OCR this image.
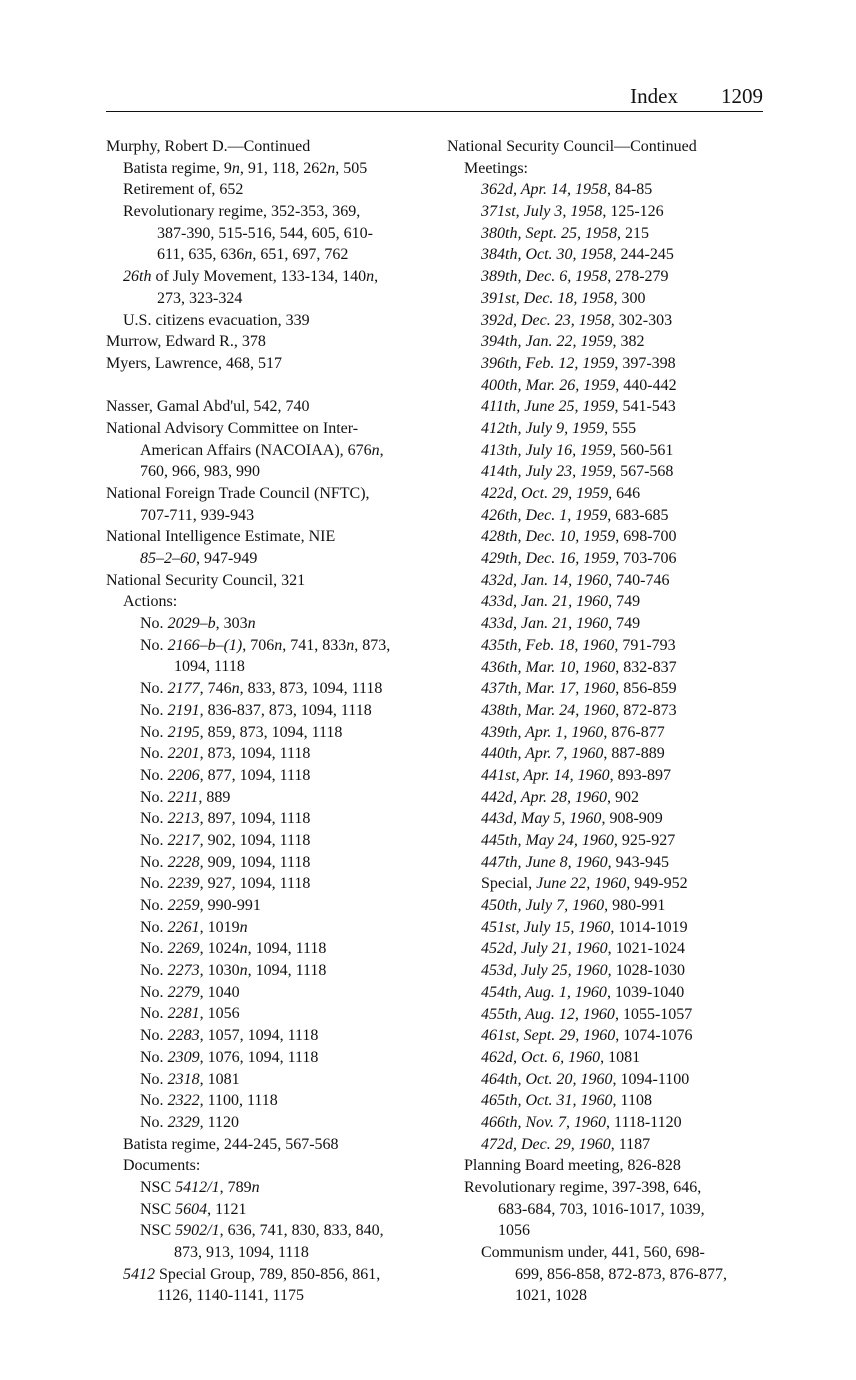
Index 1209
Murphy, Robert D.—Continued
Batista regime, 9n, 91, 118, 262n, 505
Retirement of, 652
Revolutionary regime, 352-353, 369,
387-390, 515-516, 544, 605, 610-
611, 635, 636n, 651, 697, 762
26th of July Movement, 133-134, 140n,
273, 323-324
U.S. citizens evacuation, 339
Murrow, Edward R., 378
Myers, Lawrence, 468, 517
Nasser, Gamal Abd'ul, 542, 740
National Advisory Committee on Inter-
American Affairs (NACOIAA), 676n,
760, 966, 983, 990
National Foreign Trade Council (NFTC),
707-711, 939-943
National Intelligence Estimate, NIE
85–2–60, 947-949
National Security Council, 321
Actions:
No. 2029–b, 303n
No. 2166–b–(1), 706n, 741, 833n, 873,
1094, 1118
No. 2177, 746n, 833, 873, 1094, 1118
No. 2191, 836-837, 873, 1094, 1118
No. 2195, 859, 873, 1094, 1118
No. 2201, 873, 1094, 1118
No. 2206, 877, 1094, 1118
No. 2211, 889
No. 2213, 897, 1094, 1118
No. 2217, 902, 1094, 1118
No. 2228, 909, 1094, 1118
No. 2239, 927, 1094, 1118
No. 2259, 990-991
No. 2261, 1019n
No. 2269, 1024n, 1094, 1118
No. 2273, 1030n, 1094, 1118
No. 2279, 1040
No. 2281, 1056
No. 2283, 1057, 1094, 1118
No. 2309, 1076, 1094, 1118
No. 2318, 1081
No. 2322, 1100, 1118
No. 2329, 1120
Batista regime, 244-245, 567-568
Documents:
NSC 5412/1, 789n
NSC 5604, 1121
NSC 5902/1, 636, 741, 830, 833, 840,
873, 913, 1094, 1118
5412 Special Group, 789, 850-856, 861,
1126, 1140-1141, 1175
National Security Council—Continued
Meetings:
362d, Apr. 14, 1958, 84-85
371st, July 3, 1958, 125-126
380th, Sept. 25, 1958, 215
384th, Oct. 30, 1958, 244-245
389th, Dec. 6, 1958, 278-279
391st, Dec. 18, 1958, 300
392d, Dec. 23, 1958, 302-303
394th, Jan. 22, 1959, 382
396th, Feb. 12, 1959, 397-398
400th, Mar. 26, 1959, 440-442
411th, June 25, 1959, 541-543
412th, July 9, 1959, 555
413th, July 16, 1959, 560-561
414th, July 23, 1959, 567-568
422d, Oct. 29, 1959, 646
426th, Dec. 1, 1959, 683-685
428th, Dec. 10, 1959, 698-700
429th, Dec. 16, 1959, 703-706
432d, Jan. 14, 1960, 740-746
433d, Jan. 21, 1960, 749
433d, Jan. 21, 1960, 749
435th, Feb. 18, 1960, 791-793
436th, Mar. 10, 1960, 832-837
437th, Mar. 17, 1960, 856-859
438th, Mar. 24, 1960, 872-873
439th, Apr. 1, 1960, 876-877
440th, Apr. 7, 1960, 887-889
441st, Apr. 14, 1960, 893-897
442d, Apr. 28, 1960, 902
443d, May 5, 1960, 908-909
445th, May 24, 1960, 925-927
447th, June 8, 1960, 943-945
Special, June 22, 1960, 949-952
450th, July 7, 1960, 980-991
451st, July 15, 1960, 1014-1019
452d, July 21, 1960, 1021-1024
453d, July 25, 1960, 1028-1030
454th, Aug. 1, 1960, 1039-1040
455th, Aug. 12, 1960, 1055-1057
461st, Sept. 29, 1960, 1074-1076
462d, Oct. 6, 1960, 1081
464th, Oct. 20, 1960, 1094-1100
465th, Oct. 31, 1960, 1108
466th, Nov. 7, 1960, 1118-1120
472d, Dec. 29, 1960, 1187
Planning Board meeting, 826-828
Revolutionary regime, 397-398, 646,
683-684, 703, 1016-1017, 1039,
1056
Communism under, 441, 560, 698-
699, 856-858, 872-873, 876-877,
1021, 1028
